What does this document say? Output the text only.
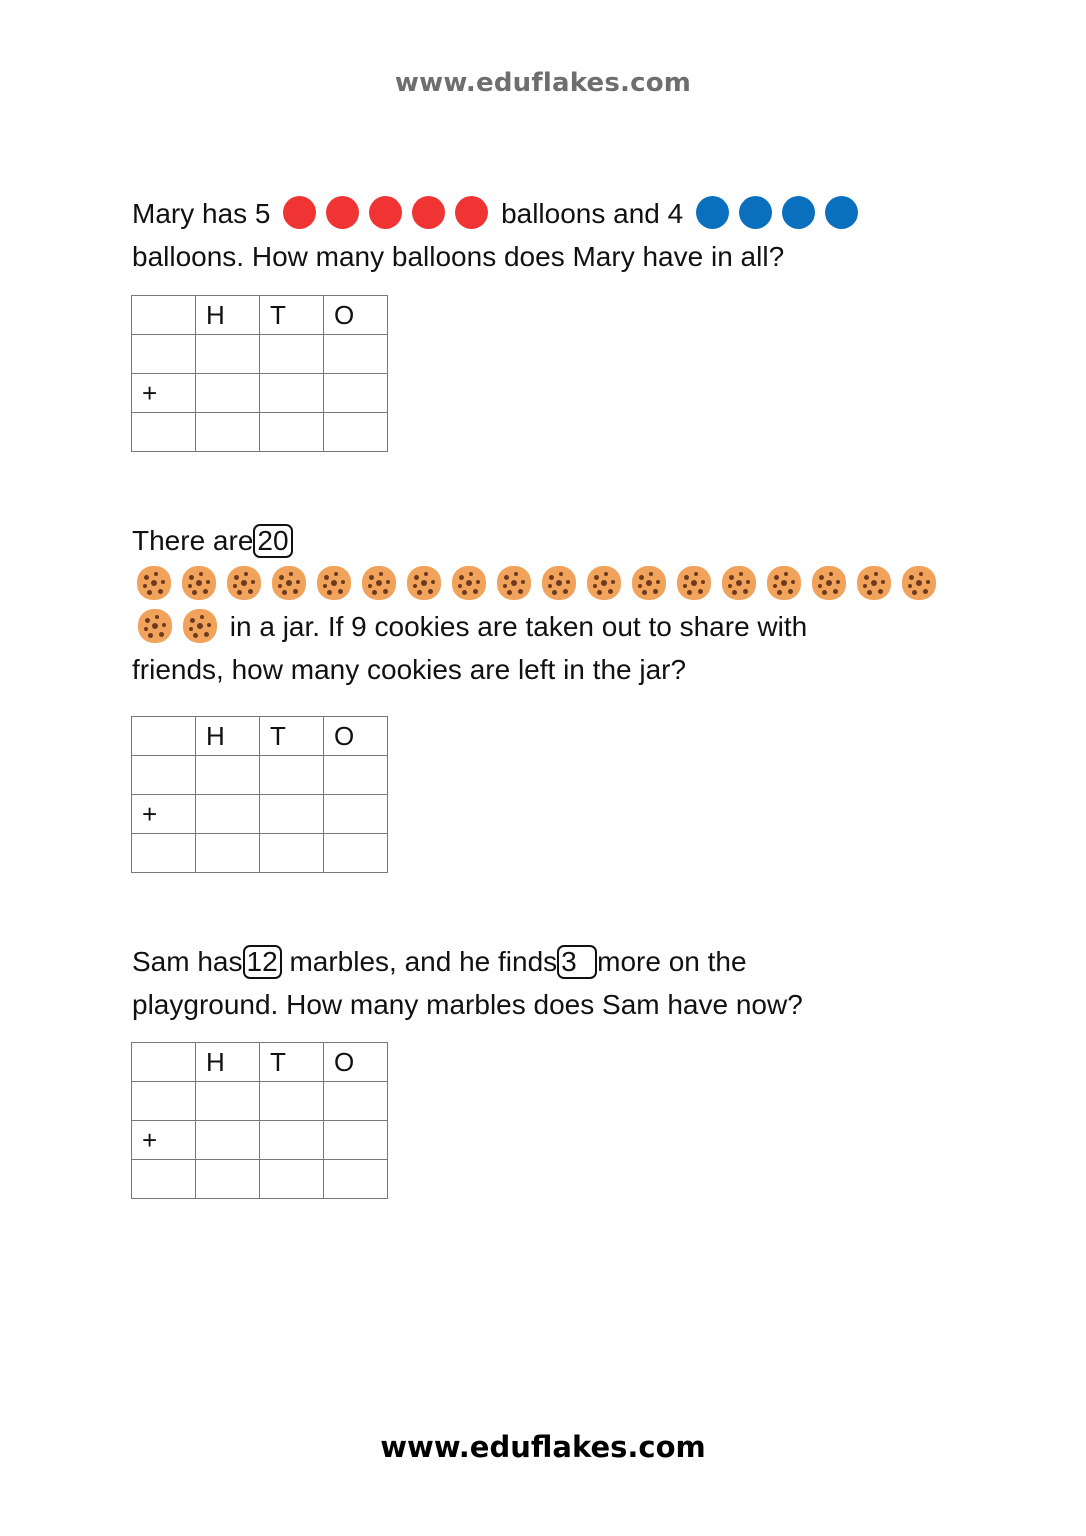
www.eduflakes.com
Mary has 5	balloons and 4
balloons. How many balloons does Mary have in all?
	H	T	O

+			

There are 20

in a jar. If 9 cookies are taken out to share with
friends, how many cookies are left in the jar?
	H	T	O

+			

Sam has 12 marbles, and he finds 3 more on the
playground. How many marbles does Sam have now?
	H	T	O

+			

www.eduflakes.com
